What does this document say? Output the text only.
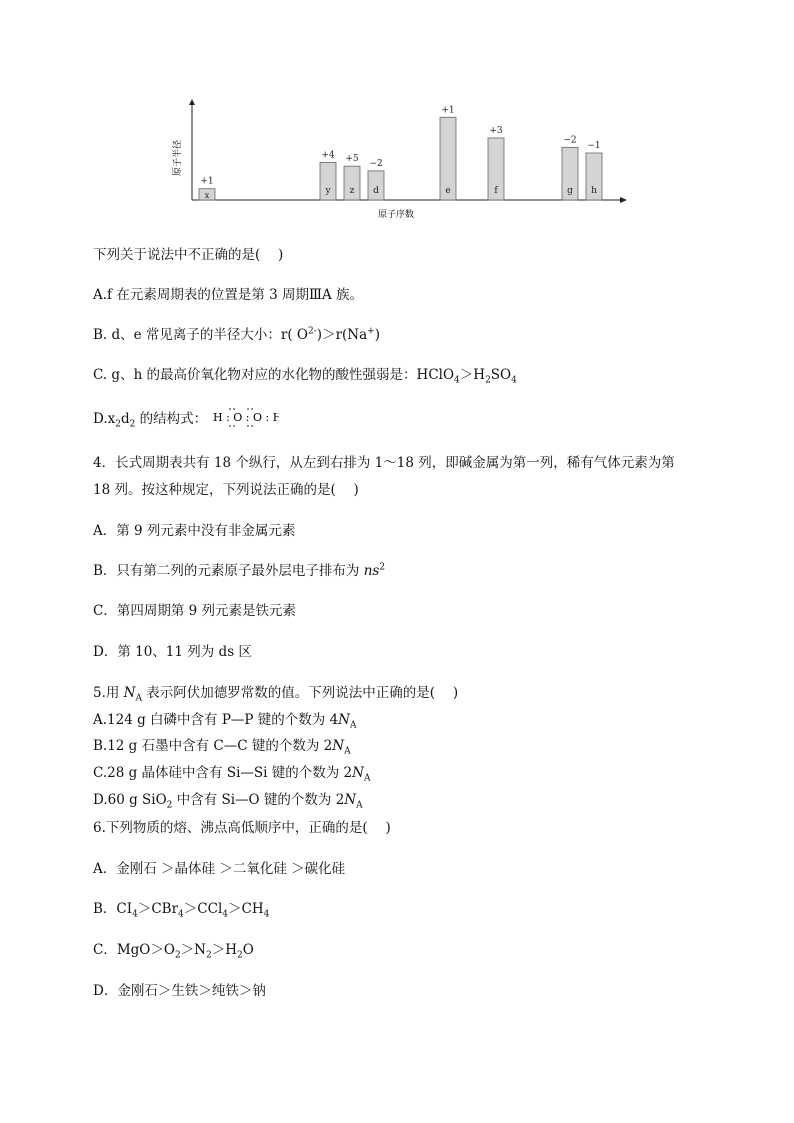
x
+1
y
+4
z
+5
d
−2
e
+1
f
+3
g
−2
h
−1
原子半径
原子序数
下列关于说法中不正确的是(　 )
A.f 在元素周期表的位置是第 3 周期ⅢA 族。
B. d、e 常见离子的半径大小：r( $O^{2-})>r(Na^+)$
C. g、h 的最高价氧化物对应的水化物的酸性强弱是：$HClO_4>H_2SO_4$
$D.x_2d_2$ 的结构式： H : O : O : H
4．长式周期表共有 18 个纵行，从左到右排为 1～18 列，即碱金属为第一列，稀有气体元素为第
18 列。按这种规定，下列说法正确的是(　 )
A．第 9 列元素中没有非金属元素
B．只有第二列的元素原子最外层电子排布为 $ns^2$
C．第四周期第 9 列元素是铁元素
D．第 10、11 列为 ds 区
5.用 $N_A$ 表示阿伏加德罗常数的值。下列说法中正确的是(　 )
A.124 g 白磷中含有 P—P 键的个数为 $4N_A$
B.12 g 石墨中含有 C—C 键的个数为 $2N_A$
C.28 g 晶体硅中含有 Si—Si 键的个数为 $2N_A$
D.60 g SiO$_2$ 中含有 Si—O 键的个数为 $2N_A$
6.下列物质的熔、沸点高低顺序中，正确的是(　 )
A．金刚石 ＞晶体硅 ＞二氧化硅 ＞碳化硅
B．$CI_4>CBr_4>CCl_4>CH_4$
C．$MgO>O_2>N_2>H_2O$
D．金刚石＞生铁＞纯铁＞钠
